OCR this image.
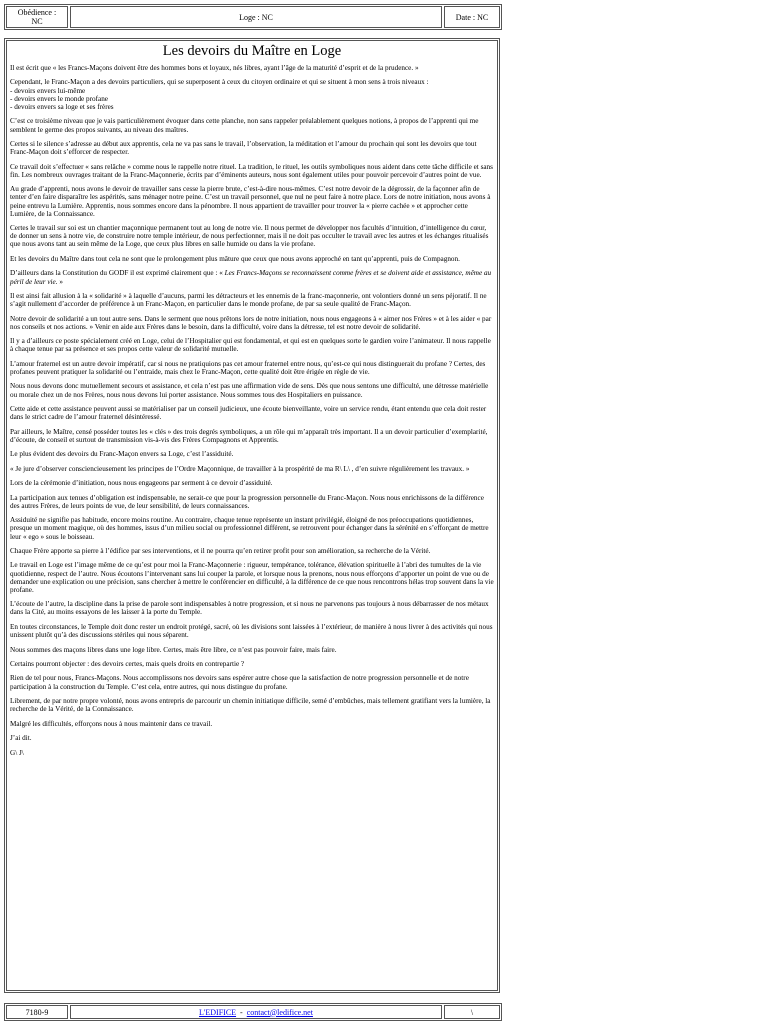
Obédience :
NC	Loge : NC	Date : NC
Les devoirs du Maître en Loge

Il est écrit que « les Francs-Maçons doivent être des hommes bons et loyaux, nés libres, ayant l’âge de la maturité d’esprit et de la prudence. »

Cependant, le Franc-Maçon a des devoirs particuliers, qui se superposent à ceux du citoyen ordinaire et qui se situent à mon sens à trois niveaux :
- devoirs envers lui-même
- devoirs envers le monde profane
- devoirs envers sa loge et ses frères

C’est ce troisième niveau que je vais particulièrement évoquer dans cette planche, non sans rappeler préalablement quelques notions, à propos de l’apprenti qui me semblent le germe des propos suivants, au niveau des maîtres.

Certes si le silence s’adresse au début aux apprentis, cela ne va pas sans le travail, l’observation, la méditation et l’amour du prochain qui sont les devoirs que tout Franc-Maçon doit s’efforcer de respecter.

Ce travail doit s’effectuer « sans relâche » comme nous le rappelle notre rituel. La tradition, le rituel, les outils symboliques nous aident dans cette tâche difficile et sans fin. Les nombreux ouvrages traitant de la Franc-Maçonnerie, écrits par d’éminents auteurs, nous sont également utiles pour pouvoir percevoir d’autres point de vue.

Au grade d’apprenti, nous avons le devoir de travailler sans cesse la pierre brute, c’est-à-dire nous-mêmes. C’est notre devoir de la dégrossir, de la façonner afin de tenter d’en faire disparaître les aspérités, sans ménager notre peine. C’est un travail personnel, que nul ne peut faire à notre place. Lors de notre initiation, nous avons à peine entrevu la Lumière. Apprentis, nous sommes encore dans la pénombre. Il nous appartient de travailler pour trouver la « pierre cachée » et approcher cette Lumière, de la Connaissance.

Certes le travail sur soi est un chantier maçonnique permanent tout au long de notre vie. Il nous permet de développer nos facultés d’intuition, d’intelligence du cœur, de donner un sens à notre vie, de construire notre temple intérieur, de nous perfectionner, mais il ne doit pas occulter le travail avec les autres et les échanges ritualisés que nous avons tant au sein même de la Loge, que ceux plus libres en salle humide ou dans la vie profane.

Et les devoirs du Maître dans tout cela ne sont que le prolongement plus mâture que ceux que nous avons approché en tant qu’apprenti, puis de Compagnon.

D’ailleurs dans la Constitution du GODF il est exprimé clairement que : « Les Francs-Maçons se reconnaissent comme frères et se doivent aide et assistance, même au péril de leur vie. »

Il est ainsi fait allusion à la « solidarité » à laquelle d’aucuns, parmi les détracteurs et les ennemis de la franc-maçonnerie, ont volontiers donné un sens péjoratif. Il ne s’agit nullement d’accorder de préférence à un Franc-Maçon, en particulier dans le monde profane, de par sa seule qualité de Franc-Maçon.

Notre devoir de solidarité a un tout autre sens. Dans le serment que nous prêtons lors de notre initiation, nous nous engageons à « aimer nos Frères » et à les aider « par nos conseils et nos actions. » Venir en aide aux Frères dans le besoin, dans la difficulté, voire dans la détresse, tel est notre devoir de solidarité.

Il y a d’ailleurs ce poste spécialement créé en Loge, celui de l’Hospitalier qui est fondamental, et qui est en quelques sorte le gardien voire l’animateur. Il nous rappelle à chaque tenue par sa présence et ses propos cette valeur de solidarité mutuelle.

L’amour fraternel est un autre devoir impératif, car si nous ne pratiquions pas cet amour fraternel entre nous, qu’est-ce qui nous distinguerait du profane ? Certes, des profanes peuvent pratiquer la solidarité ou l’entraide, mais chez le Franc-Maçon, cette qualité doit être érigée en règle de vie.

Nous nous devons donc mutuellement secours et assistance, et cela n’est pas une affirmation vide de sens. Dès que nous sentons une difficulté, une détresse matérielle ou morale chez un de nos Frères, nous nous devons lui porter assistance. Nous sommes tous des Hospitaliers en puissance.

Cette aide et cette assistance peuvent aussi se matérialiser par un conseil judicieux, une écoute bienveillante, voire un service rendu, étant entendu que cela doit rester dans le strict cadre de l’amour fraternel désintéressé.

Par ailleurs, le Maître, censé posséder toutes les « clés » des trois degrés symboliques, a un rôle qui m’apparaît très important. Il a un devoir particulier d’exemplarité, d’écoute, de conseil et surtout de transmission vis-à-vis des Frères Compagnons et Apprentis.

Le plus évident des devoirs du Franc-Maçon envers sa Loge, c’est l’assiduité.

« Je jure d’observer consciencieusement les principes de l’Ordre Maçonnique, de travailler à la prospérité de ma R\ L\ , d’en suivre régulièrement les travaux. »

Lors de la cérémonie d’initiation, nous nous engageons par serment à ce devoir d’assiduité.

La participation aux tenues d’obligation est indispensable, ne serait-ce que pour la progression personnelle du Franc-Maçon. Nous nous enrichissons de la différence des autres Frères, de leurs points de vue, de leur sensibilité, de leurs connaissances.

Assiduité ne signifie pas habitude, encore moins routine. Au contraire, chaque tenue représente un instant privilégié, éloigné de nos préoccupations quotidiennes, presque un moment magique, où des hommes, issus d’un milieu social ou professionnel différent, se retrouvent pour échanger dans la sérénité en s’efforçant de mettre leur « ego » sous le boisseau.

Chaque Frère apporte sa pierre à l’édifice par ses interventions, et il ne pourra qu’en retirer profit pour son amélioration, sa recherche de la Vérité.

Le travail en Loge est l’image même de ce qu’est pour moi la Franc-Maçonnerie : rigueur, tempérance, tolérance, élévation spirituelle à l’abri des tumultes de la vie quotidienne, respect de l’autre. Nous écoutons l’intervenant sans lui couper la parole, et lorsque nous la prenons, nous nous efforçons d’apporter un point de vue ou de demander une explication ou une précision, sans chercher à mettre le conférencier en difficulté, à la différence de ce que nous rencontrons hélas trop souvent dans la vie profane.

L’écoute de l’autre, la discipline dans la prise de parole sont indispensables à notre progression, et si nous ne parvenons pas toujours à nous débarrasser de nos métaux dans la Cité, au moins essayons de les laisser à la porte du Temple.

En toutes circonstances, le Temple doit donc rester un endroit protégé, sacré, où les divisions sont laissées à l’extérieur, de manière à nous livrer à des activités qui nous unissent plutôt qu’à des discussions stériles qui nous séparent.

Nous sommes des maçons libres dans une loge libre. Certes, mais être libre, ce n’est pas pouvoir faire, mais faire.

Certains pourront objecter : des devoirs certes, mais quels droits en contrepartie ?

Rien de tel pour nous, Francs-Maçons. Nous accomplissons nos devoirs sans espérer autre chose que la satisfaction de notre progression personnelle et de notre participation à la construction du Temple. C’est cela, entre autres, qui nous distingue du profane.

Librement, de par notre propre volonté, nous avons entrepris de parcourir un chemin initiatique difficile, semé d’embûches, mais tellement gratifiant vers la lumière, la recherche de la Vérité, de la Connaissance.

Malgré les difficultés, efforçons nous à nous maintenir dans ce travail.

J’ai dit.

G\ J\

7180-9	L'EDIFICE - contact@ledifice.net	\
